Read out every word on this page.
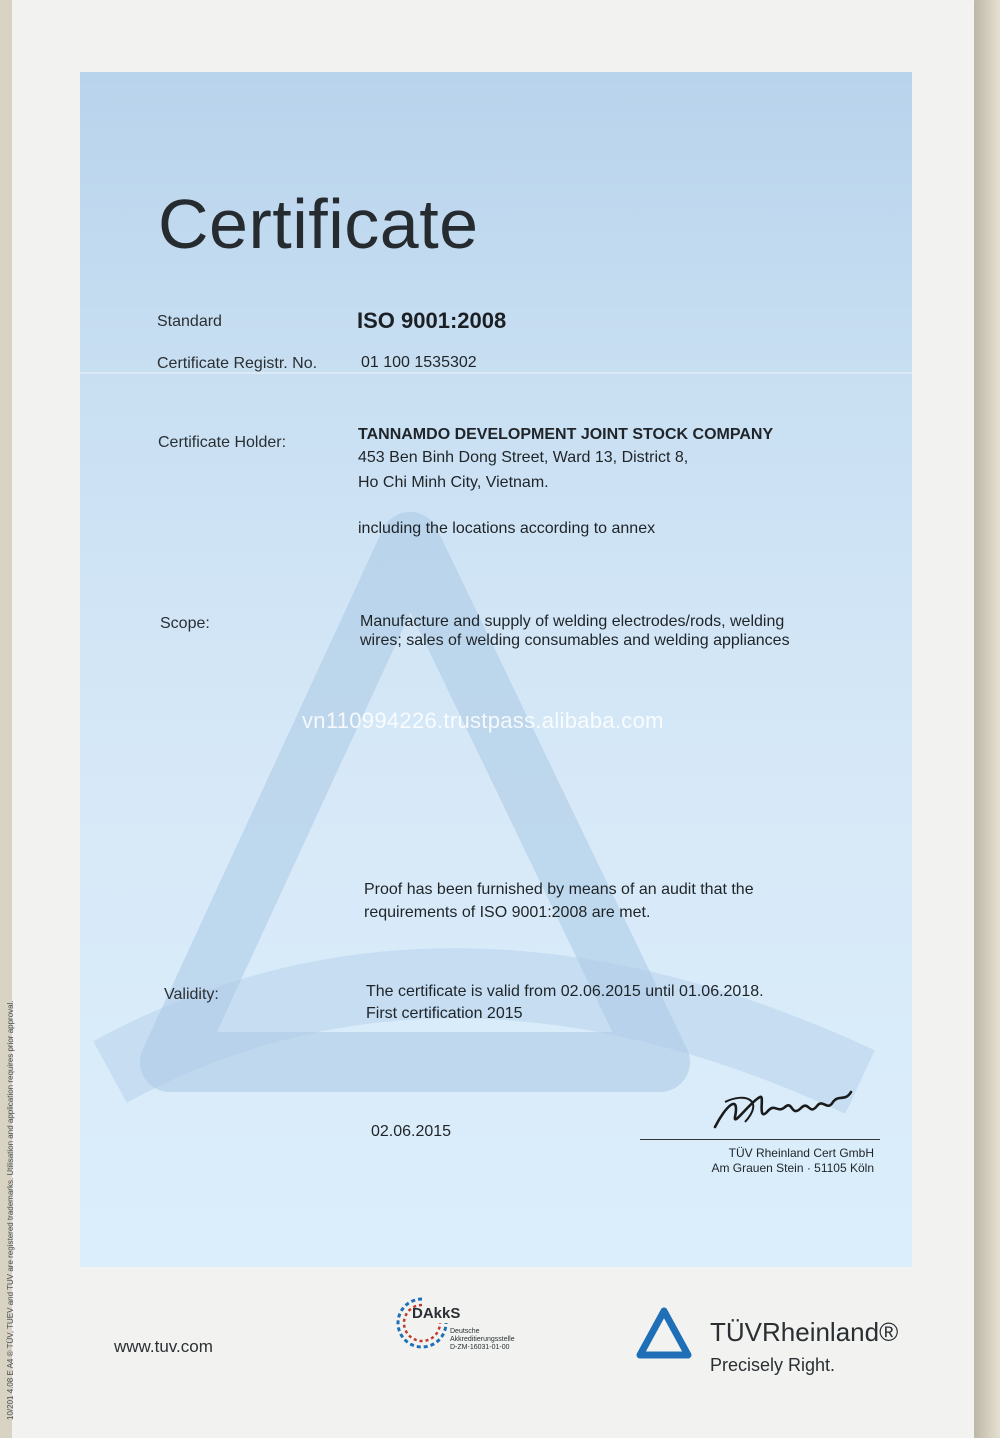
Certificate
Standard	ISO 9001:2008
Certificate Registr. No.	01 100 1535302
Certificate Holder:	TANNAMDO DEVELOPMENT JOINT STOCK COMPANY
453 Ben Binh Dong Street, Ward 13, District 8,
Ho Chi Minh City, Vietnam.
including the locations according to annex
Scope:	Manufacture and supply of welding electrodes/rods, welding
wires; sales of welding consumables and welding appliances
vn110994226.trustpass.alibaba.com
Proof has been furnished by means of an audit that the
requirements of ISO 9001:2008 are met.
Validity:	The certificate is valid from 02.06.2015 until 01.06.2018.
First certification 2015
02.06.2015
TÜV Rheinland Cert GmbH
Am Grauen Stein · 51105 Köln
10/201 4.08 E A4 ® TÜV, TUEV and TUV are registered trademarks. Utilisation and application requires prior approval.	www.tuv.com
DAkkS
Deutsche
Akkreditierungsstelle
D-ZM-16031-01-00
TÜVRheinland®
Precisely Right.
